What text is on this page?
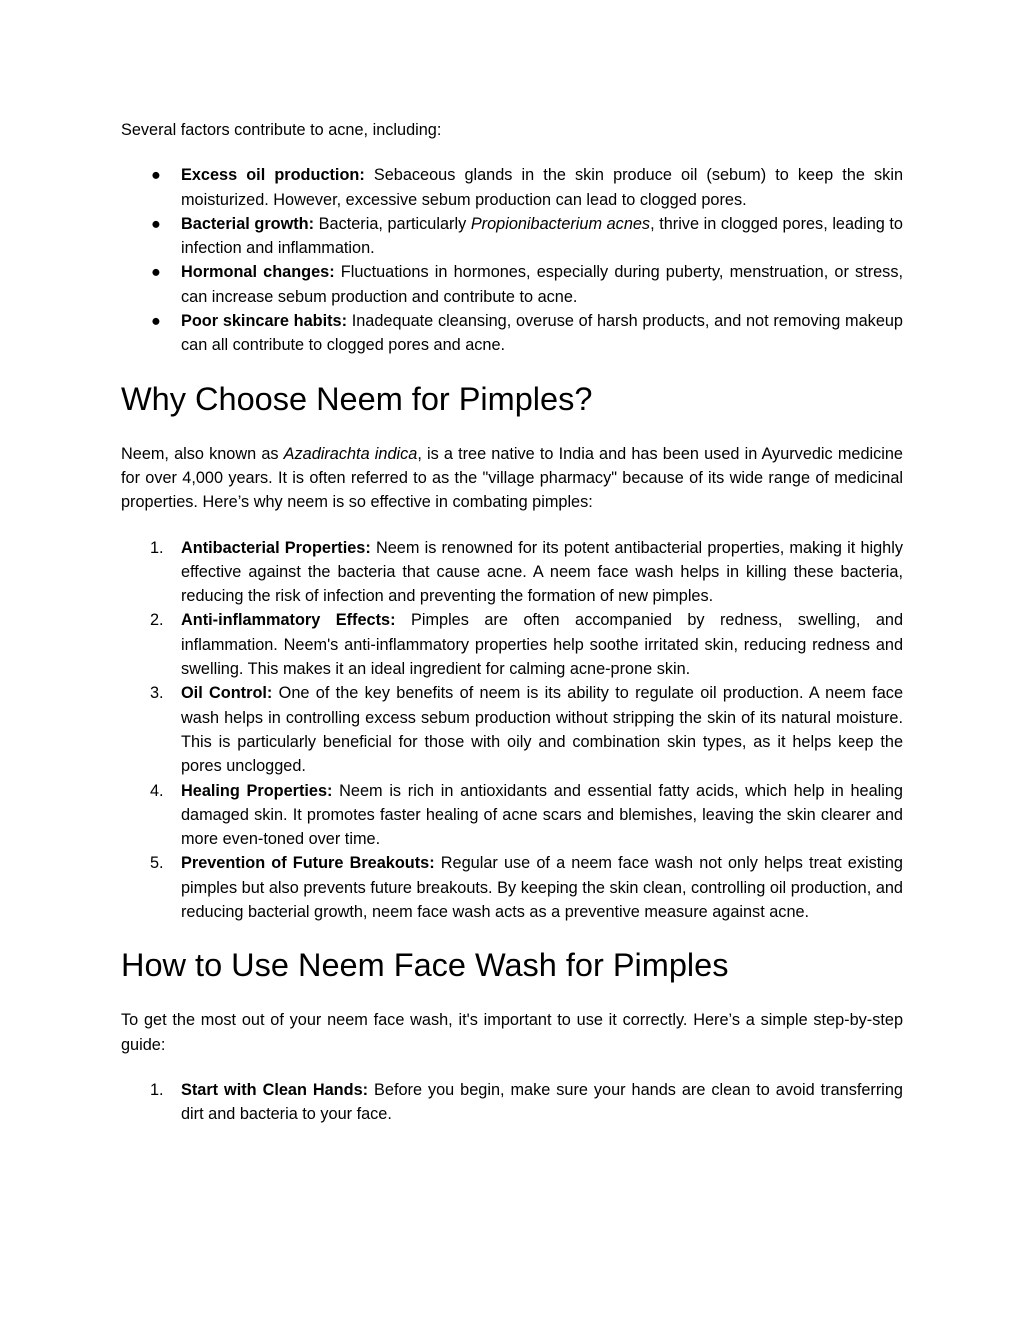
Several factors contribute to acne, including:

● Excess oil production: Sebaceous glands in the skin produce oil (sebum) to keep the skin moisturized. However, excessive sebum production can lead to clogged pores.
● Bacterial growth: Bacteria, particularly Propionibacterium acnes, thrive in clogged pores, leading to infection and inflammation.
● Hormonal changes: Fluctuations in hormones, especially during puberty, menstruation, or stress, can increase sebum production and contribute to acne.
● Poor skincare habits: Inadequate cleansing, overuse of harsh products, and not removing makeup can all contribute to clogged pores and acne.
Why Choose Neem for Pimples?

Neem, also known as Azadirachta indica, is a tree native to India and has been used in Ayurvedic medicine for over 4,000 years. It is often referred to as the "village pharmacy" because of its wide range of medicinal properties. Here’s why neem is so effective in combating pimples:

1. Antibacterial Properties: Neem is renowned for its potent antibacterial properties, making it highly effective against the bacteria that cause acne. A neem face wash helps in killing these bacteria, reducing the risk of infection and preventing the formation of new pimples.
2. Anti-inflammatory Effects: Pimples are often accompanied by redness, swelling, and inflammation. Neem's anti-inflammatory properties help soothe irritated skin, reducing redness and swelling. This makes it an ideal ingredient for calming acne-prone skin.
3. Oil Control: One of the key benefits of neem is its ability to regulate oil production. A neem face wash helps in controlling excess sebum production without stripping the skin of its natural moisture. This is particularly beneficial for those with oily and combination skin types, as it helps keep the pores unclogged.
4. Healing Properties: Neem is rich in antioxidants and essential fatty acids, which help in healing damaged skin. It promotes faster healing of acne scars and blemishes, leaving the skin clearer and more even-toned over time.
5. Prevention of Future Breakouts: Regular use of a neem face wash not only helps treat existing pimples but also prevents future breakouts. By keeping the skin clean, controlling oil production, and reducing bacterial growth, neem face wash acts as a preventive measure against acne.
How to Use Neem Face Wash for Pimples

To get the most out of your neem face wash, it's important to use it correctly. Here’s a simple step-by-step guide:

1. Start with Clean Hands: Before you begin, make sure your hands are clean to avoid transferring dirt and bacteria to your face.
